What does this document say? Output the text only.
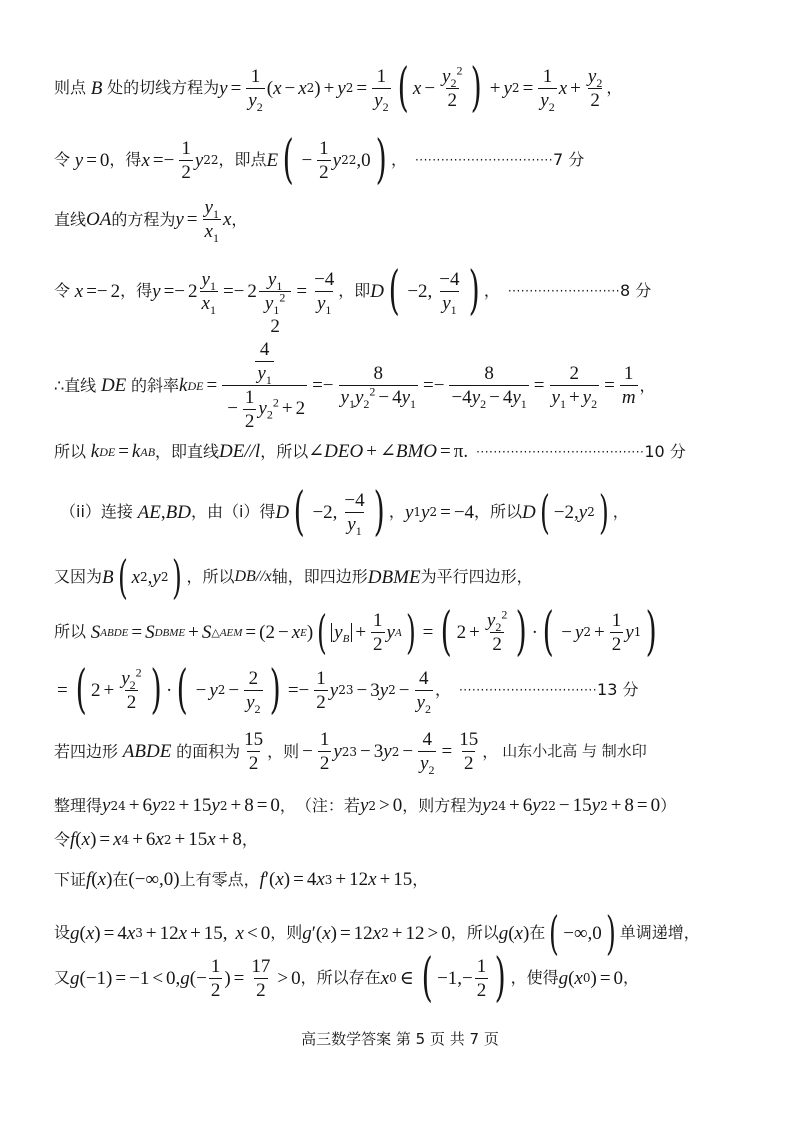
则点 B 处的切线方程为 $y = \frac{1}{y_2}$ ( x − x 2 ) + y $2 = \frac{1}{y_2}$ ( $x - \frac{y_2^2}{2}$ ) + y $2 = \frac{1}{y_2}$ $x + \frac{y_2}{2}$ ，
令 y = 0 ，得 $x =- \frac{1}{2}$ y 2 2 ，即点 E ( − $\frac{1}{2}$ y 2 2 ,0 ) ， ································ 7 分
直线 OA 的方程为 $y = \frac{y_1}{x_1}$ x ，
令 x =− 2 ，得 $y =- 2 \frac{y_1}{x_1} =- 2$ $y_1$
$y_1^2$
$2 = \frac{-4}{y_1}$ ，即 D ( −2, $\frac{-4}{y_1}$ ) ， ·························· 8 分
∴直线 DE 的斜率 k DE = $\frac{\frac{4}{y_1}}{- \frac{1}{2} y_2^2 + 2} =- \frac{8}{y_1y_2^2 - 4y_1} =- \frac{8}{-4y_2 - 4y_1} = \frac{2}{y_1 + y_2} = \frac{1}{m}$ ，
所以 k DE = k AB ，即直线 DE//l ，所以 ∠ DEO + ∠ BMO = π . ······································· 10 分
（ii）连接 AE , BD ，由（i）得 D ( −2, $\frac{-4}{y_1}$ ) ， y 1 y 2 = −4 ，所以 D ( −2, y 2 ) ，
又因为 B ( x 2 , y 2 ) ，所以 DB//x 轴，即四边形 DBME 为平行四边形，
所以 S ABDE = S DBME + S △AEM = (2 − x E ) ( $y_B + \frac{1}{2}$ y A ) = ( $2 + \frac{y_2^2}{2}$ ) · ( − y $2 + \frac{1}{2}$ y 1 )
= ( $2 + \frac{y_2^2}{2}$ ) · ( − y $2 - \frac{2}{y_2}$ ) =− $\frac{1}{2}$ y 2 3 − 3 y $2 - \frac{4}{y_2}$ ， ································ 13 分
若四边形 ABDE 的面积为 $\frac{15}{2}$ ，则 − $\frac{1}{2}$ y 2 3 − 3 y $2 - \frac{4}{y_2} = \frac{15}{2}$ ， 山东小北高 与 制水印
整理得 y 2 4 + 6 y 2 2 + 15 y 2 + 8 = 0 ， （注：若 y 2 > 0 ，则方程为 y 2 4 + 6 y 2 2 − 15 y 2 + 8 = 0 ）
令 f ( x ) = x 4 + 6 x 2 + 15 x + 8 ，
下证 f ( x ) 在 (−∞,0) 上有零点， f ′( x ) = 4 x 3 + 12 x + 15 ，
设 g ( x ) = 4 x 3 + 12 x + 15, x < 0 ，则 g ′( x ) = 12 x 2 + 12 > 0 ，所以 g ( x ) 在 ( −∞,0 ) 单调递增，
又 g (−1) = −1 < 0, g (− $\frac{1}{2}$ ) = $\frac{17}{2} > 0$ ，所以存在 x 0 ∈ ( $-1,- \frac{1}{2}$ ) ，使得 g ( x 0 ) = 0 ，
高三数学答案 第 5 页 共 7 页
